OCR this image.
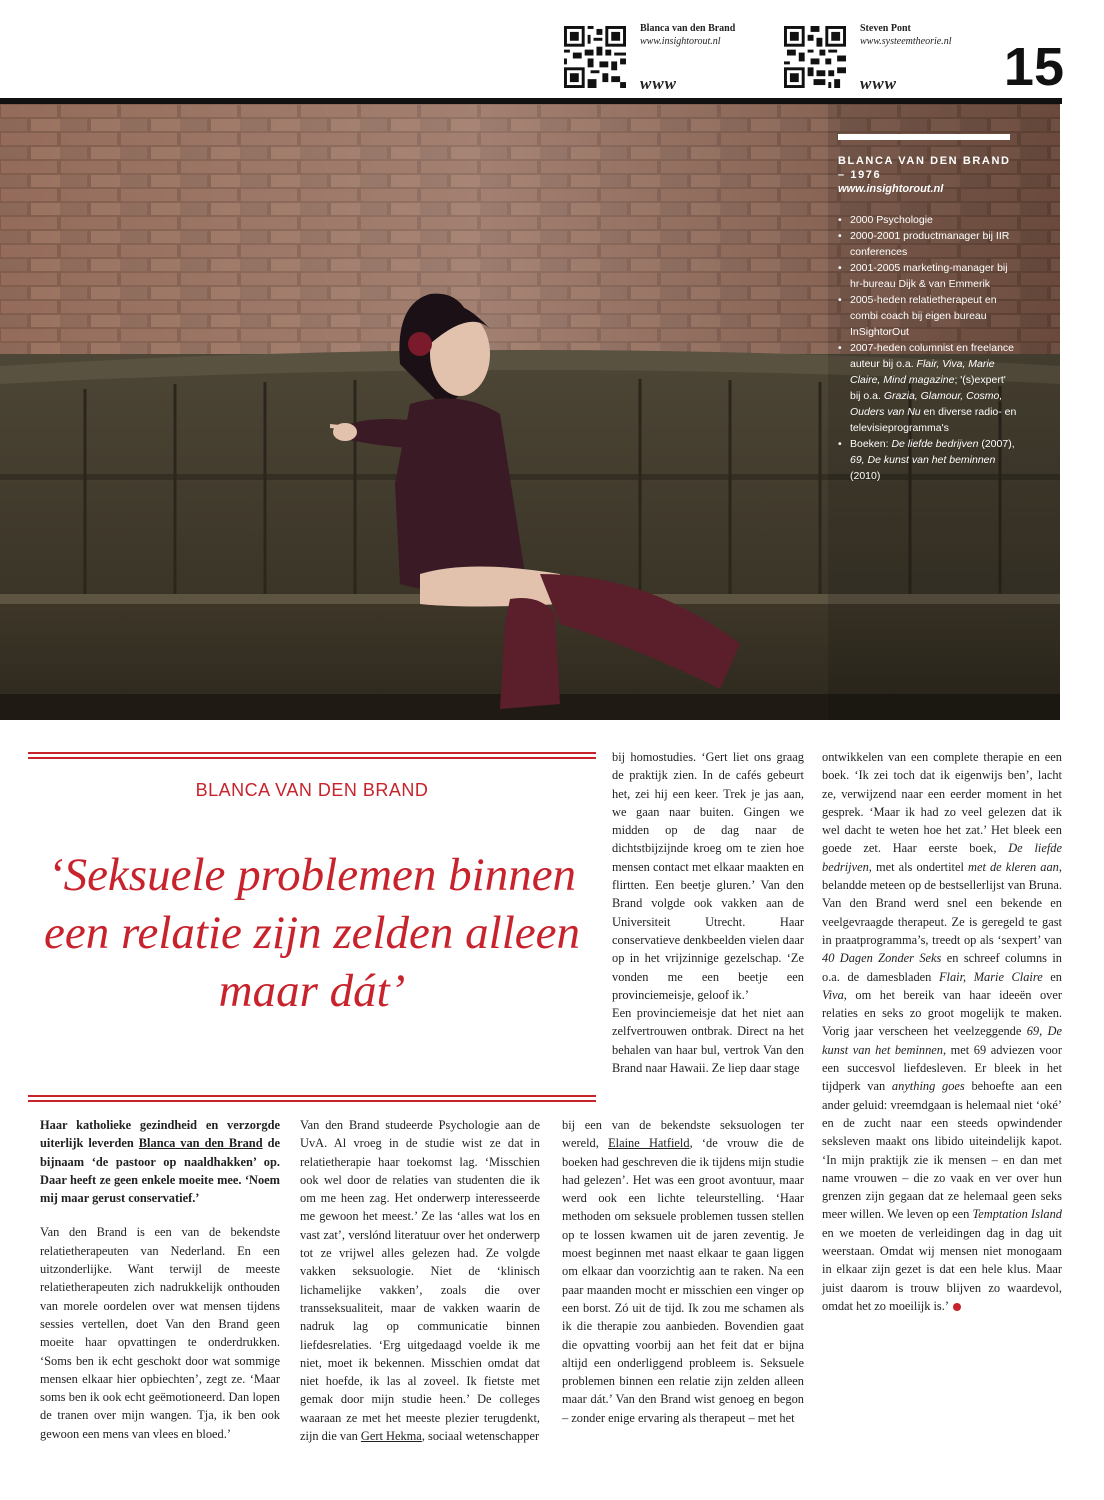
Blanca van den Brand
www.insightorout.nl
www
Steven Pont
www.systeemtheorie.nl
www 15
BLANCA VAN DEN BRAND – 1976
www.insightorout.nl
• 2000 Psychologie
• 2000-2001 productmanager bij IIR conferences
• 2001-2005 marketing-manager bij hr-bureau Dijk & van Emmerik
• 2005-heden relatietherapeut en combi coach bij eigen bureau InSightorOut
• 2007-heden columnist en freelance auteur bij o.a. Flair, Viva, Marie Claire, Mind magazine; '(s)expert' bij o.a. Grazia, Glamour, Cosmo, Ouders van Nu en diverse radio- en televisieprogramma's
• Boeken: De liefde bedrijven (2007), 69, De kunst van het beminnen (2010)
BLANCA VAN DEN BRAND
‘Seksuele problemen binnen een relatie zijn zelden alleen maar dát’

Haar katholieke gezindheid en verzorgde uiterlijk leverden Blanca van den Brand de bijnaam ‘de pastoor op naaldhakken’ op. Daar heeft ze geen enkele moeite mee. ‘Noem mij maar gerust conservatief.’

Van den Brand is een van de bekendste relatietherapeuten van Nederland. En een uitzonderlijke. Want terwijl de meeste relatietherapeuten zich nadrukkelijk onthouden van morele oordelen over wat mensen tijdens sessies vertellen, doet Van den Brand geen moeite haar opvattingen te onderdrukken. ‘Soms ben ik echt geschokt door wat sommige mensen elkaar hier opbiechten’, zegt ze. ‘Maar soms ben ik ook echt geëmotioneerd. Dan lopen de tranen over mijn wangen. Tja, ik ben ook gewoon een mens van vlees en bloed.’

Van den Brand studeerde Psychologie aan de UvA. Al vroeg in de studie wist ze dat in relatietherapie haar toekomst lag. ‘Misschien ook wel door de relaties van studenten die ik om me heen zag. Het onderwerp interesseerde me gewoon het meest.’ Ze las ‘alles wat los en vast zat’, verslónd literatuur over het onderwerp tot ze vrijwel alles gelezen had. Ze volgde vakken seksuologie. Niet de ‘klinisch lichamelijke vakken’, zoals die over transseksualiteit, maar de vakken waarin de nadruk lag op communicatie binnen liefdesrelaties. ‘Erg uitgedaagd voelde ik me niet, moet ik bekennen. Misschien omdat dat niet hoefde, ik las al zoveel. Ik fietste met gemak door mijn studie heen.’ De colleges waaraan ze met het meeste plezier terugdenkt, zijn die van Gert Hekma, sociaal wetenschapper

bij homostudies. ‘Gert liet ons graag de praktijk zien. In de cafés gebeurt het, zei hij een keer. Trek je jas aan, we gaan naar buiten. Gingen we midden op de dag naar de dichtstbijzijnde kroeg om te zien hoe mensen contact met elkaar maakten en flirtten. Een beetje gluren.’ Van den Brand volgde ook vakken aan de Universiteit Utrecht. Haar conservatieve denkbeelden vielen daar op in het vrijzinnige gezelschap. ‘Ze vonden me een beetje een provinciemeisje, geloof ik.’

Een provinciemeisje dat het niet aan zelfvertrouwen ontbrak. Direct na het behalen van haar bul, vertrok Van den Brand naar Hawaii. Ze liep daar stage

bij een van de bekendste seksuologen ter wereld, Elaine Hatfield, ‘de vrouw die de boeken had geschreven die ik tijdens mijn studie had gelezen’. Het was een groot avontuur, maar werd ook een lichte teleurstelling. ‘Haar methoden om seksuele problemen tussen stellen op te lossen kwamen uit de jaren zeventig. Je moest beginnen met naast elkaar te gaan liggen om elkaar dan voorzichtig aan te raken. Na een paar maanden mocht er misschien een vinger op een borst. Zó uit de tijd. Ik zou me schamen als ik die therapie zou aanbieden. Bovendien gaat die opvatting voorbij aan het feit dat er bijna altijd een onderliggend probleem is. Seksuele problemen binnen een relatie zijn zelden alleen maar dát.’ Van den Brand wist genoeg en begon – zonder enige ervaring als therapeut – met het

ontwikkelen van een complete therapie en een boek. ‘Ik zei toch dat ik eigenwijs ben’, lacht ze, verwijzend naar een eerder moment in het gesprek. ‘Maar ik had zo veel gelezen dat ik wel dacht te weten hoe het zat.’ Het bleek een goede zet. Haar eerste boek, De liefde bedrijven, met als ondertitel met de kleren aan, belandde meteen op de bestsellerlijst van Bruna. Van den Brand werd snel een bekende en veelgevraagde therapeut. Ze is geregeld te gast in praatprogramma’s, treedt op als ‘sexpert’ van 40 Dagen Zonder Seks en schreef columns in o.a. de damesbladen Flair, Marie Claire en Viva, om het bereik van haar ideeën over relaties en seks zo groot mogelijk te maken. Vorig jaar verscheen het veelzeggende 69, De kunst van het beminnen, met 69 adviezen voor een succesvol liefdesleven. Er bleek in het tijdperk van anything goes behoefte aan een ander geluid: vreemdgaan is helemaal niet ‘oké’ en de zucht naar een steeds opwindender seksleven maakt ons libido uiteindelijk kapot. ‘In mijn praktijk zie ik mensen – en dan met name vrouwen – die zo vaak en ver over hun grenzen zijn gegaan dat ze helemaal geen seks meer willen. We leven op een Temptation Island en we moeten de verleidingen dag in dag uit weerstaan. Omdat wij mensen niet monogaam in elkaar zijn gezet is dat een hele klus. Maar juist daarom is trouw blijven zo waardevol, omdat het zo moeilijk is.’
